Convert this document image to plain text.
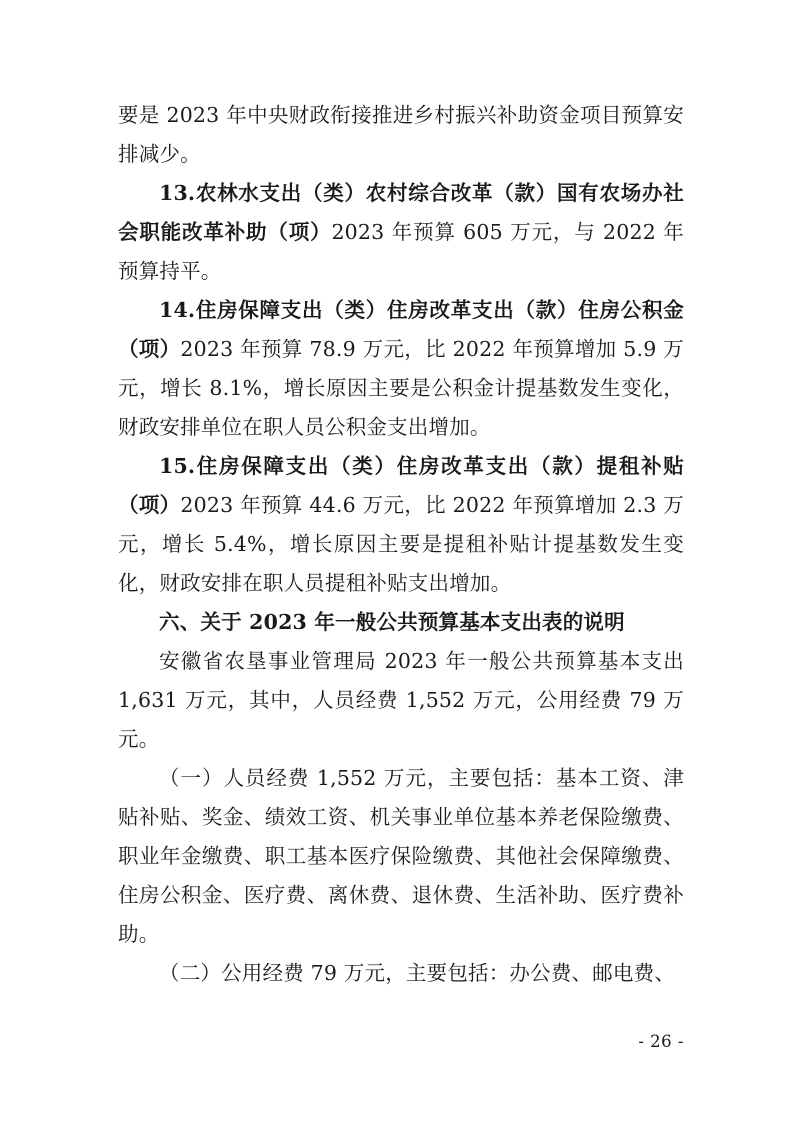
要是 2023 年中央财政衔接推进乡村振兴补助资金项目预算安排减少。

13.农林水支出（类）农村综合改革（款）国有农场办社会职能改革补助（项）2023 年预算 605 万元，与 2022 年预算持平。

14.住房保障支出（类）住房改革支出（款）住房公积金（项）2023 年预算 78.9 万元，比 2022 年预算增加 5.9 万元，增长 8.1%，增长原因主要是公积金计提基数发生变化，财政安排单位在职人员公积金支出增加。

15.住房保障支出（类）住房改革支出（款）提租补贴（项）2023 年预算 44.6 万元，比 2022 年预算增加 2.3 万元，增长 5.4%，增长原因主要是提租补贴计提基数发生变化，财政安排在职人员提租补贴支出增加。

六、关于 2023 年一般公共预算基本支出表的说明

安徽省农垦事业管理局 2023 年一般公共预算基本支出 1,631 万元，其中，人员经费 1,552 万元，公用经费 79 万元。

（一）人员经费 1,552 万元，主要包括：基本工资、津贴补贴、奖金、绩效工资、机关事业单位基本养老保险缴费、职业年金缴费、职工基本医疗保险缴费、其他社会保障缴费、住房公积金、医疗费、离休费、退休费、生活补助、医疗费补助。

（二）公用经费 79 万元，主要包括：办公费、邮电费、

- 26 -
